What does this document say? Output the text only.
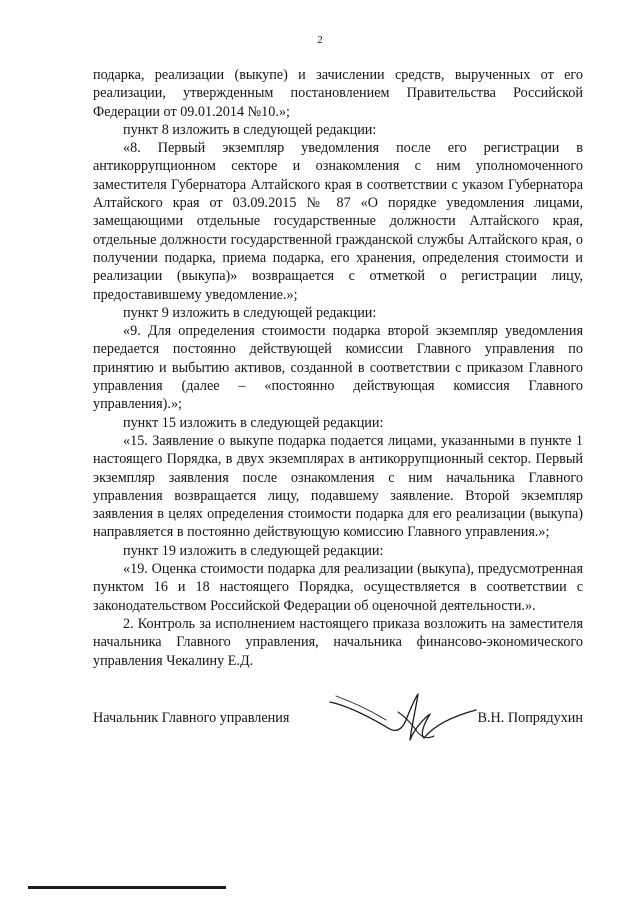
2

подарка, реализации (выкупе) и зачислении средств, вырученных от его реализации, утвержденным постановлением Правительства Российской Федерации от 09.01.2014 №10.»;

пункт 8 изложить в следующей редакции:

«8. Первый экземпляр уведомления после его регистрации в антикоррупционном секторе и ознакомления с ним уполномоченного заместителя Губернатора Алтайского края в соответствии с указом Губернатора Алтайского края от 03.09.2015 № 87 «О порядке уведомления лицами, замещающими отдельные государственные должности Алтайского края, отдельные должности государственной гражданской службы Алтайского края, о получении подарка, приема подарка, его хранения, определения стоимости и реализации (выкупа)» возвращается с отметкой о регистрации лицу, предоставившему уведомление.»;

пункт 9 изложить в следующей редакции:

«9. Для определения стоимости подарка второй экземпляр уведомления передается постоянно действующей комиссии Главного управления по принятию и выбытию активов, созданной в соответствии с приказом Главного управления (далее – «постоянно действующая комиссия Главного управления).»;

пункт 15 изложить в следующей редакции:

«15. Заявление о выкупе подарка подается лицами, указанными в пункте 1 настоящего Порядка, в двух экземплярах в антикоррупционный сектор. Первый экземпляр заявления после ознакомления с ним начальника Главного управления возвращается лицу, подавшему заявление. Второй экземпляр заявления в целях определения стоимости подарка для его реализации (выкупа) направляется в постоянно действующую комиссию Главного управления.»;

пункт 19 изложить в следующей редакции:

«19. Оценка стоимости подарка для реализации (выкупа), предусмотренная пунктом 16 и 18 настоящего Порядка, осуществляется в соответствии с законодательством Российской Федерации об оценочной деятельности.».

2. Контроль за исполнением настоящего приказа возложить на заместителя начальника Главного управления, начальника финансово-экономического управления Чекалину Е.Д.

Начальник Главного управления	В.Н. Попрядухин
